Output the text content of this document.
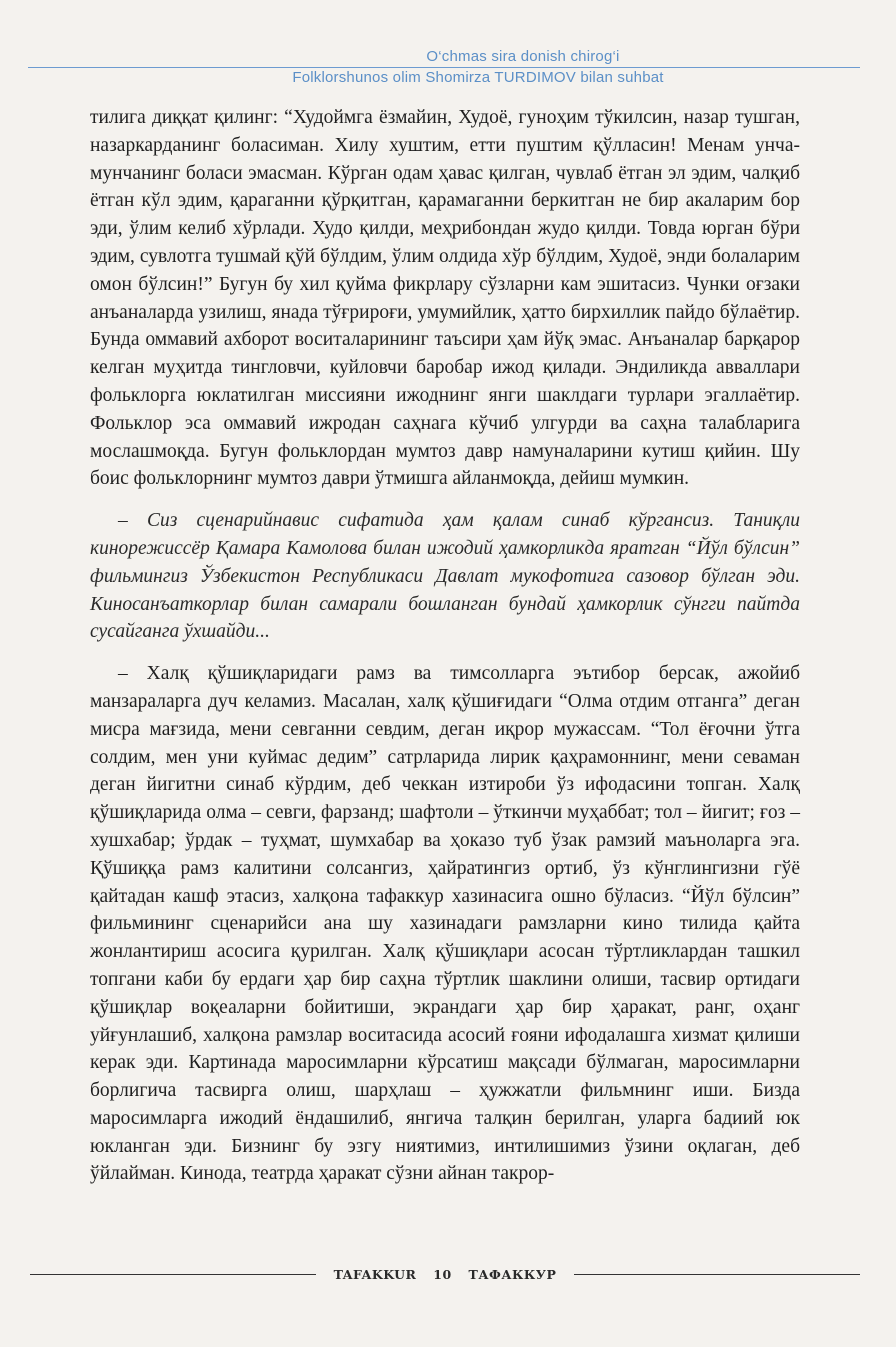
O‘chmas sira donish chirog‘i
Folklorshunos olim Shomirza TURDIMOV bilan suhbat

тилига диққат қилинг: “Худоймга ёзмайин, Худоё, гуноҳим тўкилсин, назар тушган, назаркарданинг боласиман. Хилу хуштим, етти пуштим қўлласин! Менам унча-мунчанинг боласи эмасман. Кўрган одам ҳавас қилган, чувлаб ётган эл эдим, чалқиб ётган кўл эдим, қараганни қўрқитган, қарамаганни беркитган не бир акаларим бор эди, ўлим келиб хўрлади. Худо қилди, меҳрибондан жудо қилди. Товда юрган бўри эдим, сувлотга тушмай қўй бўлдим, ўлим олдида хўр бўлдим, Худоё, энди болаларим омон бўлсин!” Бугун бу хил қуйма фикрлару сўзларни кам эшитасиз. Чунки оғзаки анъаналарда узилиш, янада тўғрироғи, умумийлик, ҳатто бирхиллик пайдо бўлаётир. Бунда оммавий ахборот воситаларининг таъсири ҳам йўқ эмас. Анъаналар барқарор келган муҳитда тингловчи, куйловчи баробар ижод қилади. Эндиликда авваллари фольклорга юклатилган миссияни ижоднинг янги шаклдаги турлари эгаллаётир. Фольклор эса оммавий ижродан саҳнага кўчиб улгурди ва саҳна талабларига мослашмоқда. Бугун фольклордан мумтоз давр намуналарини кутиш қийин. Шу боис фольклорнинг мумтоз даври ўтмишга айланмоқда, дейиш мумкин.

– Сиз сценарийнавис сифатида ҳам қалам синаб кўргансиз. Таниқли кинорежиссёр Қамара Камолова билан ижодий ҳамкорликда яратган “Йўл бўлсин” фильмингиз Ўзбекистон Республикаси Давлат мукофотига сазовор бўлган эди. Киносанъаткорлар билан самарали бошланган бундай ҳамкорлик сўнгги пайтда сусайганга ўхшайди...

– Халқ қўшиқларидаги рамз ва тимсолларга эътибор берсак, ажойиб манзараларга дуч келамиз. Масалан, халқ қўшиғидаги “Олма отдим отганга” деган мисра мағзида, мени севганни севдим, деган иқрор мужассам. “Тол ёғочни ўтга солдим, мен уни куймас дедим” сатрларида лирик қаҳрамоннинг, мени севаман деган йигитни синаб кўрдим, деб чеккан изтироби ўз ифодасини топган. Халқ қўшиқларида олма – севги, фарзанд; шафтоли – ўткинчи муҳаббат; тол – йигит; ғоз – хушхабар; ўрдак – туҳмат, шумхабар ва ҳоказо туб ўзак рамзий маъноларга эга. Қўшиққа рамз калитини солсангиз, ҳайратингиз ортиб, ўз кўнглингизни гўё қайтадан кашф этасиз, халқона тафаккур хазинасига ошно бўласиз. “Йўл бўлсин” фильмининг сценарийси ана шу хазинадаги рамзларни кино тилида қайта жонлантириш асосига қурилган. Халқ қўшиқлари асосан тўртликлардан ташкил топгани каби бу ердаги ҳар бир саҳна тўртлик шаклини олиши, тасвир ортидаги қўшиқлар воқеаларни бойитиши, экрандаги ҳар бир ҳаракат, ранг, оҳанг уйғунлашиб, халқона рамзлар воситасида асосий ғояни ифодалашга хизмат қилиши керак эди. Картинада маросимларни кўрсатиш мақсади бўлмаган, маросимларни борлигича тасвирга олиш, шарҳлаш – ҳужжатли фильмнинг иши. Бизда маросимларга ижодий ёндашилиб, янгича талқин берилган, уларга бадиий юк юкланган эди. Бизнинг бу эзгу ниятимиз, интилишимиз ўзини оқлаган, деб ўйлайман. Кинода, театрда ҳаракат сўзни айнан такрор-

TAFAKKUR 10 ТАФАККУР
